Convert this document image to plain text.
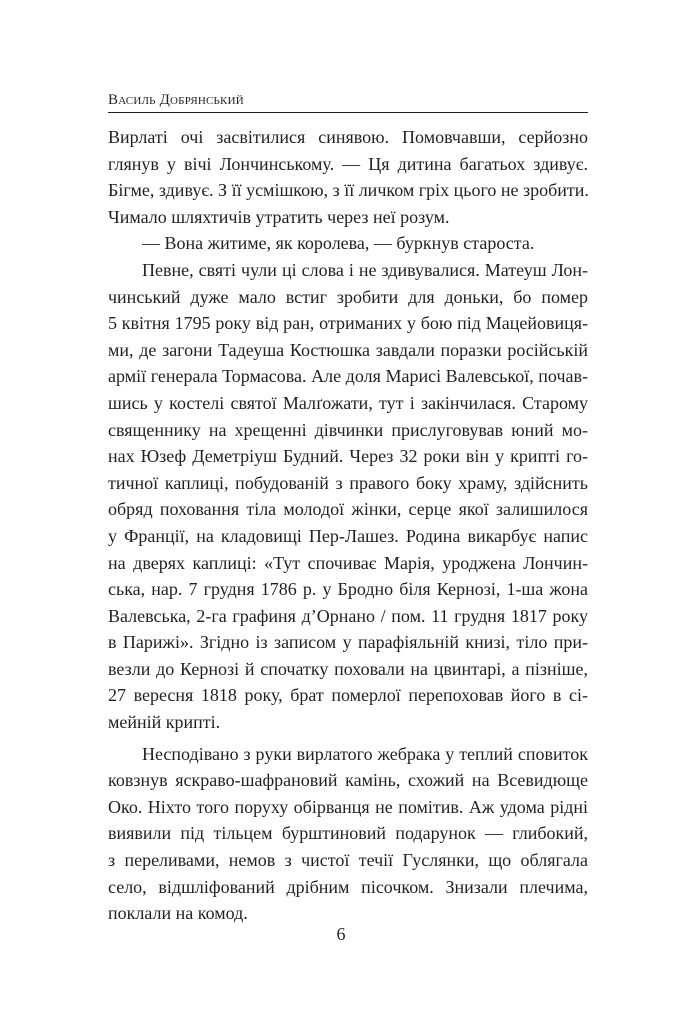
Василь Добрянський
Вирлаті очі засвітилися синявою. Помовчавши, серйозно
глянув у вічі Лончинському. — Ця дитина багатьох здивує.
Бігме, здивує. З її усмішкою, з її личком гріх цього не зробити.
Чимало шляхтичів утратить через неї розум.
— Вона житиме, як королева, — буркнув староста.
Певне, святі чули ці слова і не здивувалися. Матеуш Лон-
чинський дуже мало встиг зробити для доньки, бо помер
5 квітня 1795 року від ран, отриманих у бою під Мацейовиця-
ми, де загони Тадеуша Костюшка завдали поразки російській
армії генерала Тормасова. Але доля Марисі Валевської, почав-
шись у костелі святої Малґожати, тут і закінчилася. Старому
священнику на хрещенні дівчинки прислуговував юний мо-
нах Юзеф Деметріуш Будний. Через 32 роки він у крипті го-
тичної каплиці, побудованій з правого боку храму, здійснить
обряд поховання тіла молодої жінки, серце якої залишилося
у Франції, на кладовищі Пер-Лашез. Родина викарбує напис
на дверях каплиці: «Тут спочиває Марія, уроджена Лончин-
ська, нар. 7 грудня 1786 р. у Бродно біля Кернозі, 1-ша жона
Валевська, 2-га графиня д’Орнано / пом. 11 грудня 1817 року
в Парижі». Згідно із записом у парафіяльній книзі, тіло при-
везли до Кернозі й спочатку поховали на цвинтарі, а пізніше,
27 вересня 1818 року, брат померлої перепоховав його в сі-
мейній крипті.
Несподівано з руки вирлатого жебрака у теплий сповиток
ковзнув яскраво-шафрановий камінь, схожий на Всевидюще
Око. Ніхто того поруху обірванця не помітив. Аж удома рідні
виявили під тільцем бурштиновий подарунок — глибокий,
з переливами, немов з чистої течії Гуслянки, що облягала
село, відшліфований дрібним пісочком. Знизали плечима,
поклали на комод.
6
